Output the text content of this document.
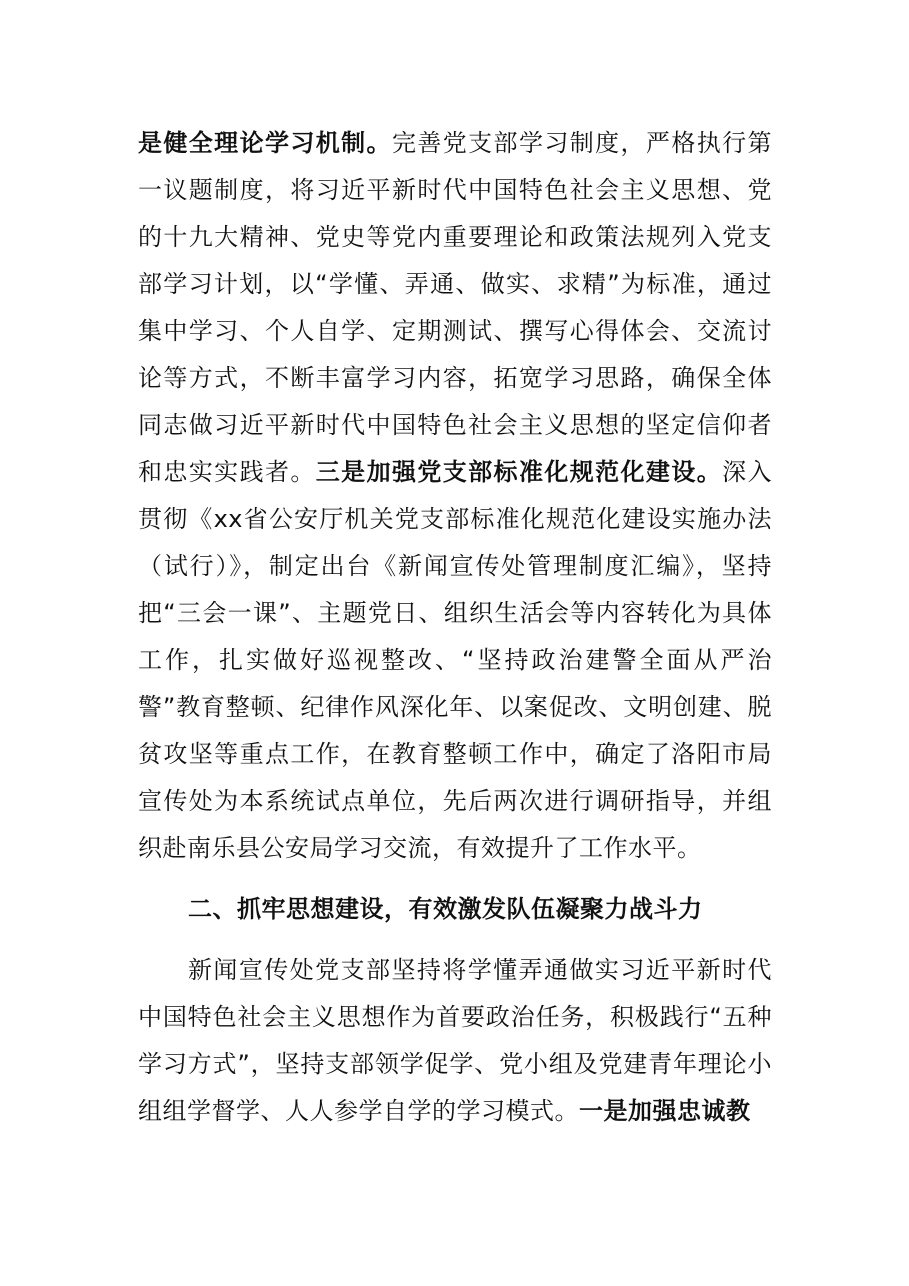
是健全理论学习机制。完善党支部学习制度，严格执行第一议题制度，将习近平新时代中国特色社会主义思想、党的十九大精神、党史等党内重要理论和政策法规列入党支部学习计划，以“学懂、弄通、做实、求精”为标准，通过集中学习、个人自学、定期测试、撰写心得体会、交流讨论等方式，不断丰富学习内容，拓宽学习思路，确保全体同志做习近平新时代中国特色社会主义思想的坚定信仰者和忠实实践者。三是加强党支部标准化规范化建设。深入贯彻《xx省公安厅机关党支部标准化规范化建设实施办法（试行）》，制定出台《新闻宣传处管理制度汇编》，坚持把“三会一课”、主题党日、组织生活会等内容转化为具体工作，扎实做好巡视整改、“坚持政治建警全面从严治警”教育整顿、纪律作风深化年、以案促改、文明创建、脱贫攻坚等重点工作，在教育整顿工作中，确定了洛阳市局宣传处为本系统试点单位，先后两次进行调研指导，并组织赴南乐县公安局学习交流，有效提升了工作水平。

二、抓牢思想建设，有效激发队伍凝聚力战斗力

新闻宣传处党支部坚持将学懂弄通做实习近平新时代中国特色社会主义思想作为首要政治任务，积极践行“五种学习方式”，坚持支部领学促学、党小组及党建青年理论小组组学督学、人人参学自学的学习模式。一是加强忠诚教
